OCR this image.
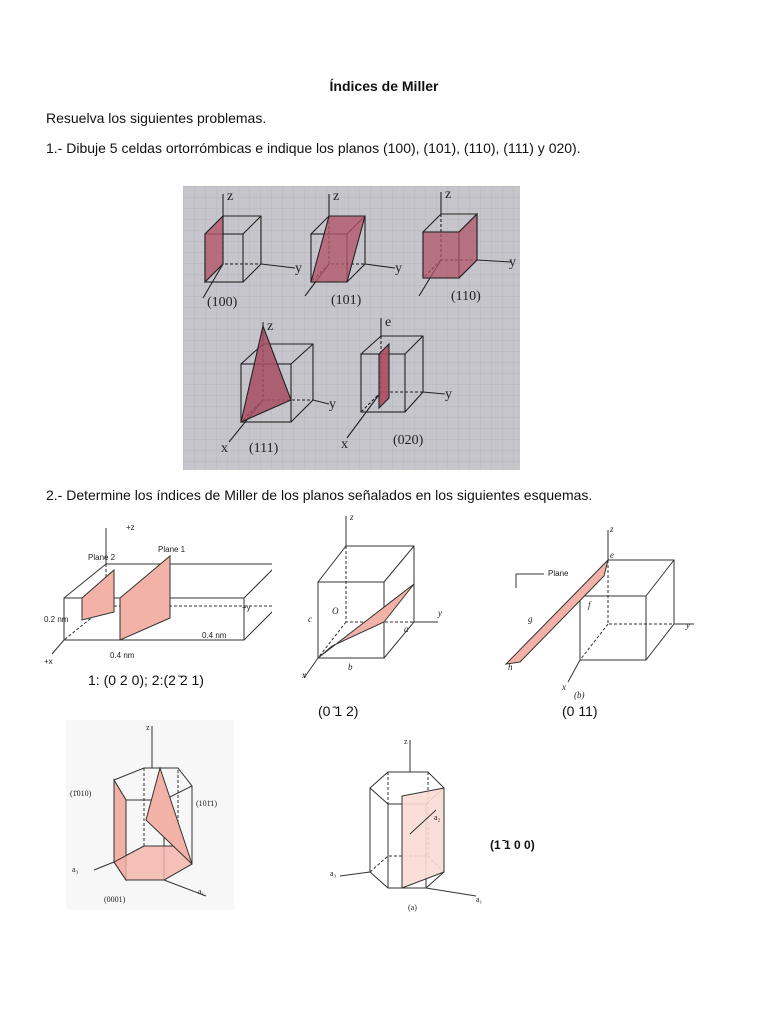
Índices de Miller
Resuelva los siguientes problemas.
1.- Dibuje 5 celdas ortorrómbicas e indique los planos (100), (101), (110), (111) y 020).
(100)	(101)	(110)
(111)
(020)
z	z	z
z	e
y	y	y
y
y
x	x
2.- Determine los índices de Miller de los planos señalados en los siguientes esquemas.
Plane 2
Plane 1
+z
+y
+x
0.2 nm
0.4 nm
0.4 nm
1: (0 2 0); 2:(2 ̄2 1)
z
y
x
O
a
b
c
(0 ̄1 2)
z
y
x
Plane
e
f
g
h
(b)
(0 11)
z
(1̄010)
(101̄1)
a₃
a₁
(0001)
z
a₂
a₃
a₁
(a)
(1 ̄1 0 0)
